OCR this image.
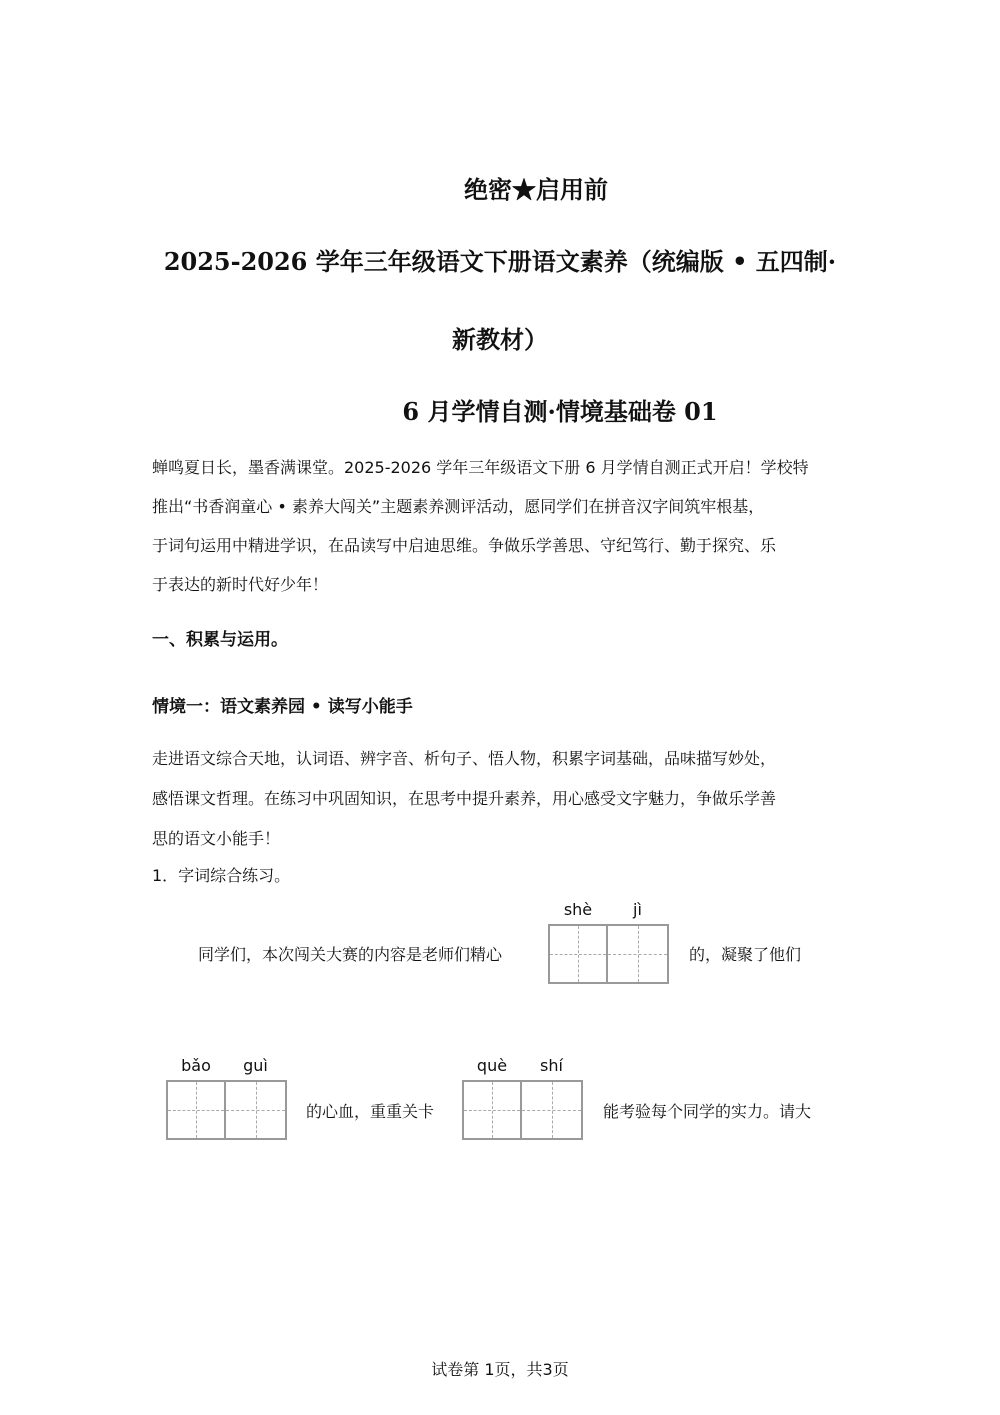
绝密★启用前
2025-2026 学年三年级语文下册语文素养（统编版 • 五四制·
新教材）
6 月学情自测·情境基础卷 01
蝉鸣夏日长，墨香满课堂。2025-2026 学年三年级语文下册 6 月学情自测正式开启！学校特
推出“书香润童心 • 素养大闯关”主题素养测评活动，愿同学们在拼音汉字间筑牢根基，
于词句运用中精进学识，在品读写中启迪思维。争做乐学善思、守纪笃行、勤于探究、乐
于表达的新时代好少年！
一、积累与运用。
情境一：语文素养园 • 读写小能手
走进语文综合天地，认词语、辨字音、析句子、悟人物，积累字词基础，品味描写妙处，
感悟课文哲理。在练习中巩固知识，在思考中提升素养，用心感受文字魅力，争做乐学善
思的语文小能手！
1．字词综合练习。
同学们，本次闯关大赛的内容是老师们精心
shè	jì
的，凝聚了他们
bǎo	guì
的心血，重重关卡
què	shí
能考验每个同学的实力。请大
试卷第 1页，共3页
